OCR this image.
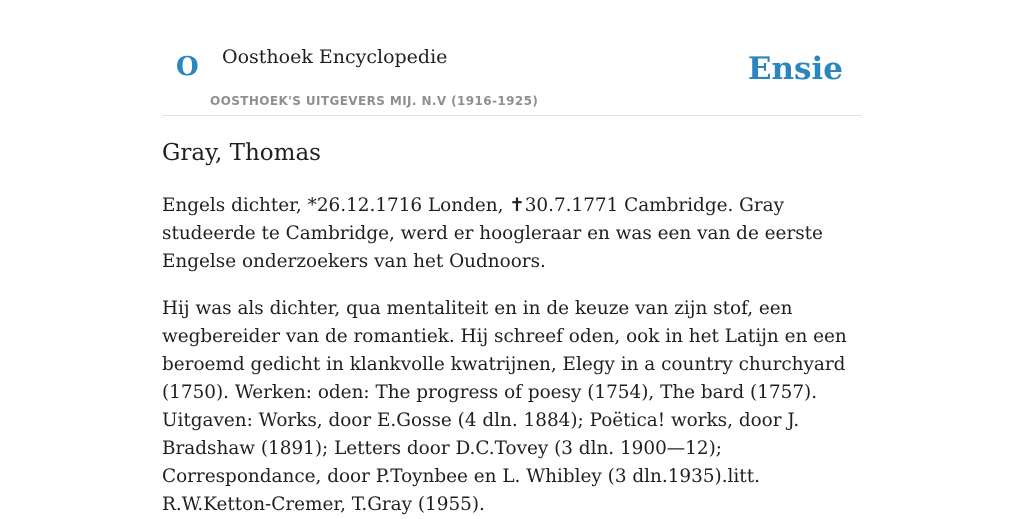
O Oosthoek Encyclopedie
OOSTHOEK'S UITGEVERS MIJ. N.V (1916-1925)
Ensie
Gray, Thomas

Engels dichter, *26.12.1716 Londen, ✝30.7.1771 Cambridge. Gray studeerde te Cambridge, werd er hoogleraar en was een van de eerste Engelse onderzoekers van het Oudnoors.

Hij was als dichter, qua mentaliteit en in de keuze van zijn stof, een wegbereider van de romantiek. Hij schreef oden, ook in het Latijn en een beroemd gedicht in klankvolle kwatrijnen, Elegy in a country churchyard (1750). Werken: oden: The progress of poesy (1754), The bard (1757). Uitgaven: Works, door E.Gosse (4 dln. 1884); Poëtica! works, door J. Bradshaw (1891); Letters door D.C.Tovey (3 dln. 1900—12); Correspondance, door P.Toynbee en L. Whibley (3 dln.1935).litt. R.W.Ketton-Cremer, T.Gray (1955).
